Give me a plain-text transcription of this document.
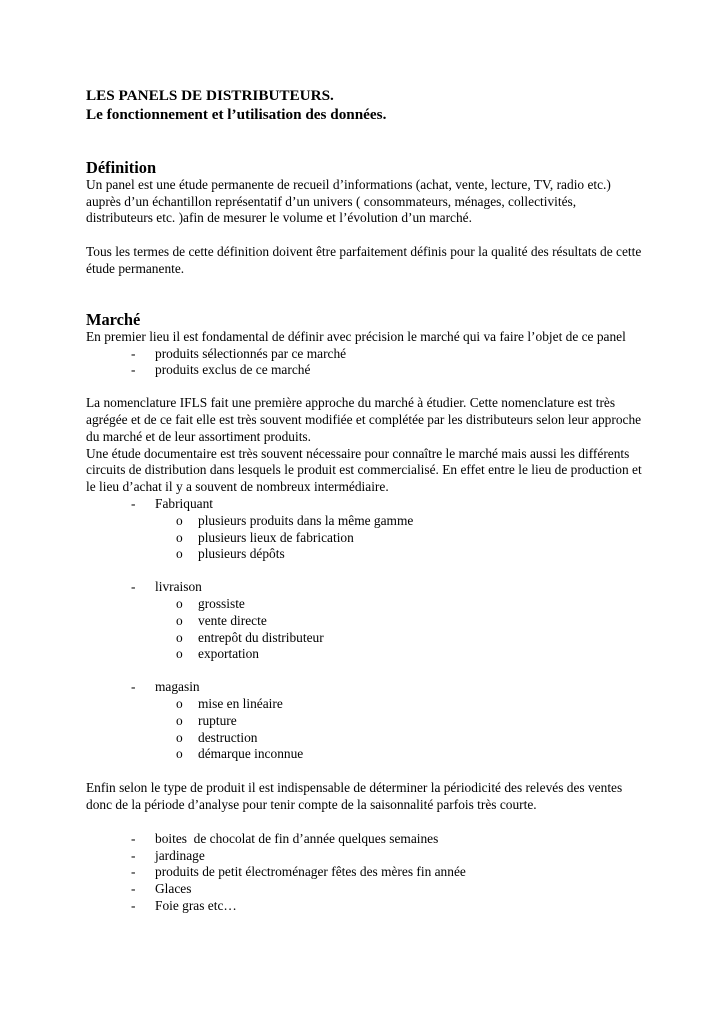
LES PANELS DE DISTRIBUTEURS.

Le fonctionnement et l’utilisation des données.

Définition

Un panel est une étude permanente de recueil d’informations (achat, vente, lecture, TV, radio etc.) auprès d’un échantillon représentatif d’un univers ( consommateurs, ménages, collectivités, distributeurs etc. )afin de mesurer le volume et l’évolution d’un marché.

Tous les termes de cette définition doivent être parfaitement définis pour la qualité des résultats de cette étude permanente.

Marché

En premier lieu il est fondamental de définir avec précision le marché qui va faire l’objet de ce panel

- produits sélectionnés par ce marché
- produits exclus de ce marché

La nomenclature IFLS fait une première approche du marché à étudier. Cette nomenclature est très agrégée et de ce fait elle est très souvent modifiée et complétée par les distributeurs selon leur approche du marché et de leur assortiment produits.

Une étude documentaire est très souvent nécessaire pour connaître le marché mais aussi les différents circuits de distribution dans lesquels le produit est commercialisé. En effet entre le lieu de production et le lieu d’achat il y a souvent de nombreux intermédiaire.

- Fabriquant
o plusieurs produits dans la même gamme
o plusieurs lieux de fabrication
o plusieurs dépôts
- livraison
o grossiste
o vente directe
o entrepôt du distributeur
o exportation
- magasin
o mise en linéaire
o rupture
o destruction
o démarque inconnue

Enfin selon le type de produit il est indispensable de déterminer la périodicité des relevés des ventes donc de la période d’analyse pour tenir compte de la saisonnalité parfois très courte.

- boites  de chocolat de fin d’année quelques semaines
- jardinage
- produits de petit électroménager fêtes des mères fin année
- Glaces
- Foie gras etc…
